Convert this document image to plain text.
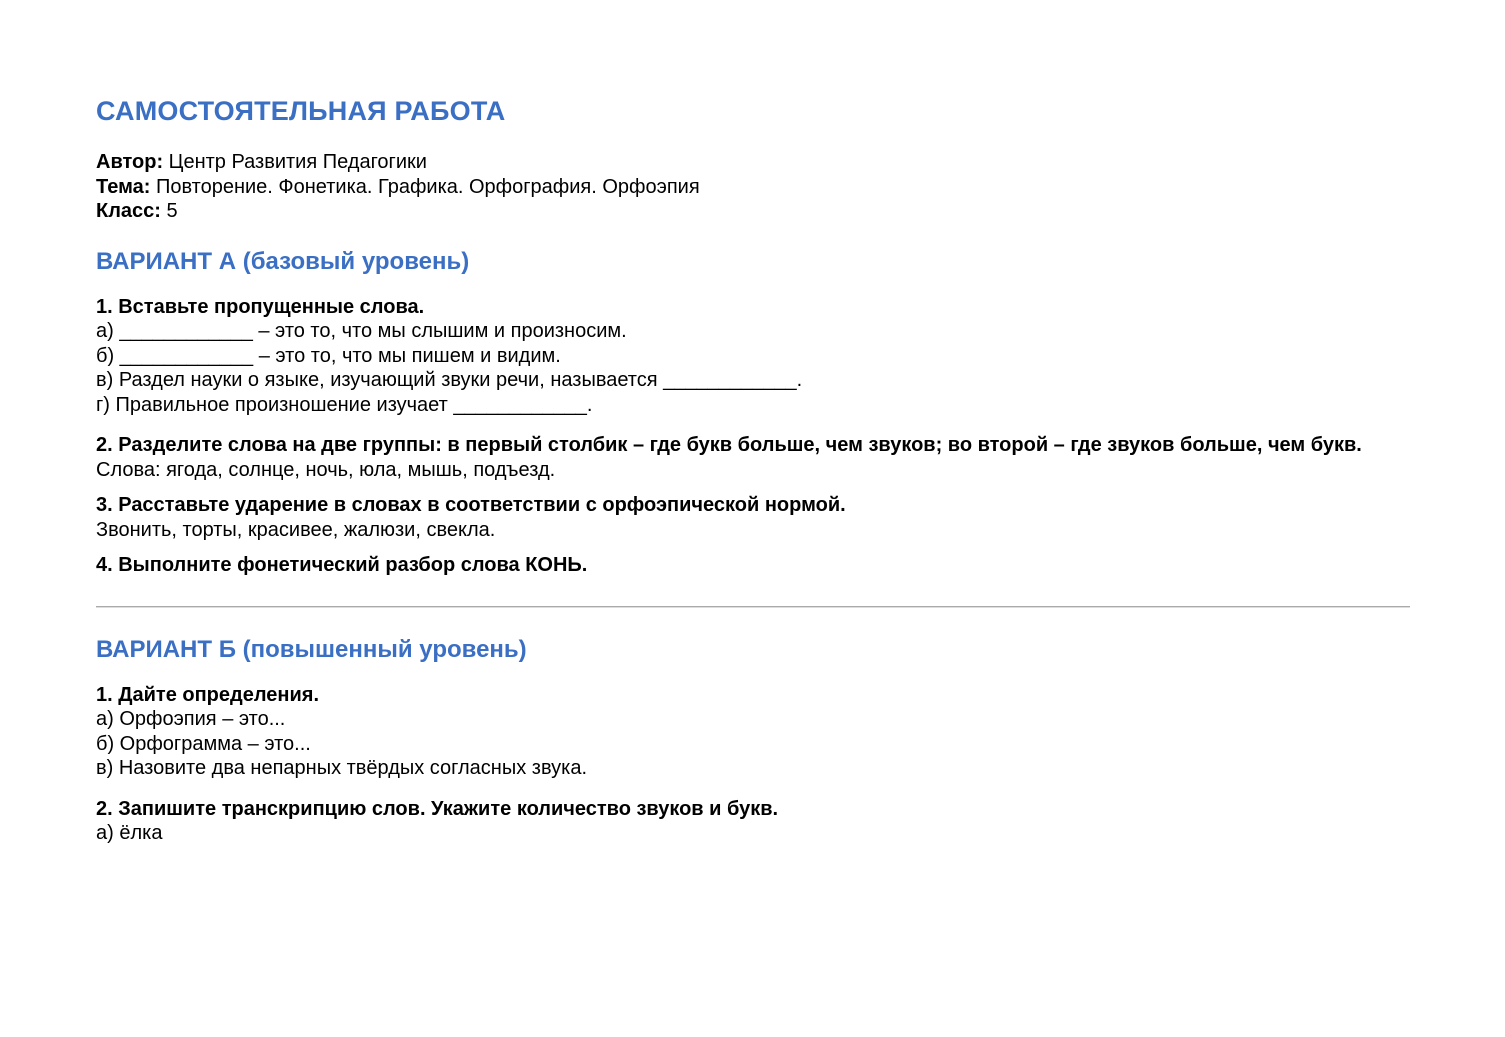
САМОСТОЯТЕЛЬНАЯ РАБОТА
Автор: Центр Развития Педагогики
Тема: Повторение. Фонетика. Графика. Орфография. Орфоэпия
Класс: 5
ВАРИАНТ А (базовый уровень)
1. Вставьте пропущенные слова.
а) ____________ – это то, что мы слышим и произносим.
б) ____________ – это то, что мы пишем и видим.
в) Раздел науки о языке, изучающий звуки речи, называется ____________.
г) Правильное произношение изучает ____________.
2. Разделите слова на две группы: в первый столбик – где букв больше, чем звуков; во второй – где звуков больше, чем букв.
Слова: ягода, солнце, ночь, юла, мышь, подъезд.
3. Расставьте ударение в словах в соответствии с орфоэпической нормой.
Звонить, торты, красивее, жалюзи, свекла.
4. Выполните фонетический разбор слова КОНЬ.
ВАРИАНТ Б (повышенный уровень)
1. Дайте определения.
а) Орфоэпия – это...
б) Орфограмма – это...
в) Назовите два непарных твёрдых согласных звука.
2. Запишите транскрипцию слов. Укажите количество звуков и букв.
а) ёлка
